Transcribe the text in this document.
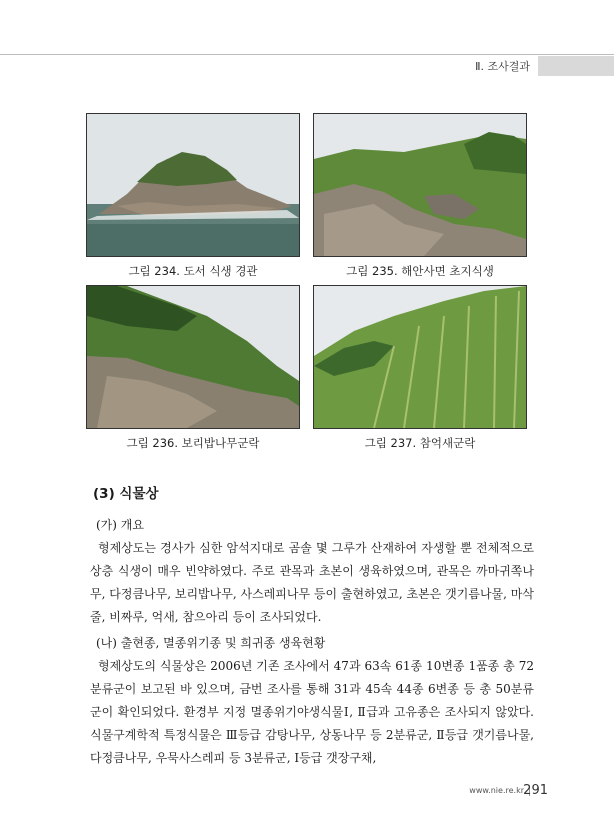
Ⅱ. 조사결과
그림 234. 도서 식생 경관	그림 235. 해안사면 초지식생
그림 236. 보리밥나무군락	그림 237. 참억새군락
(3) 식물상
(가) 개요
형제상도는 경사가 심한 암석지대로 곰솔 몇 그루가 산재하여 자생할 뿐 전체적으로 상층 식생이 매우 빈약하였다. 주로 관목과 초본이 생육하였으며, 관목은 까마귀쪽나무, 다정큼나무, 보리밥나무, 사스레피나무 등이 출현하였고, 초본은 갯기름나물, 마삭줄, 비짜루, 억새, 참으아리 등이 조사되었다.
(나) 출현종, 멸종위기종 및 희귀종 생육현황
형제상도의 식물상은 2006년 기존 조사에서 47과 63속 61종 10변종 1품종 총 72분류군이 보고된 바 있으며, 금번 조사를 통해 31과 45속 44종 6변종 등 총 50분류군이 확인되었다. 환경부 지정 멸종위기야생식물Ⅰ, Ⅱ급과 고유종은 조사되지 않았다. 식물구계학적 특정식물은 Ⅲ등급 감탕나무, 상동나무 등 2분류군, Ⅱ등급 갯기름나물, 다정큼나무, 우묵사스레피 등 3분류군, Ⅰ등급 갯장구채,
www.nie.re.kr 291
